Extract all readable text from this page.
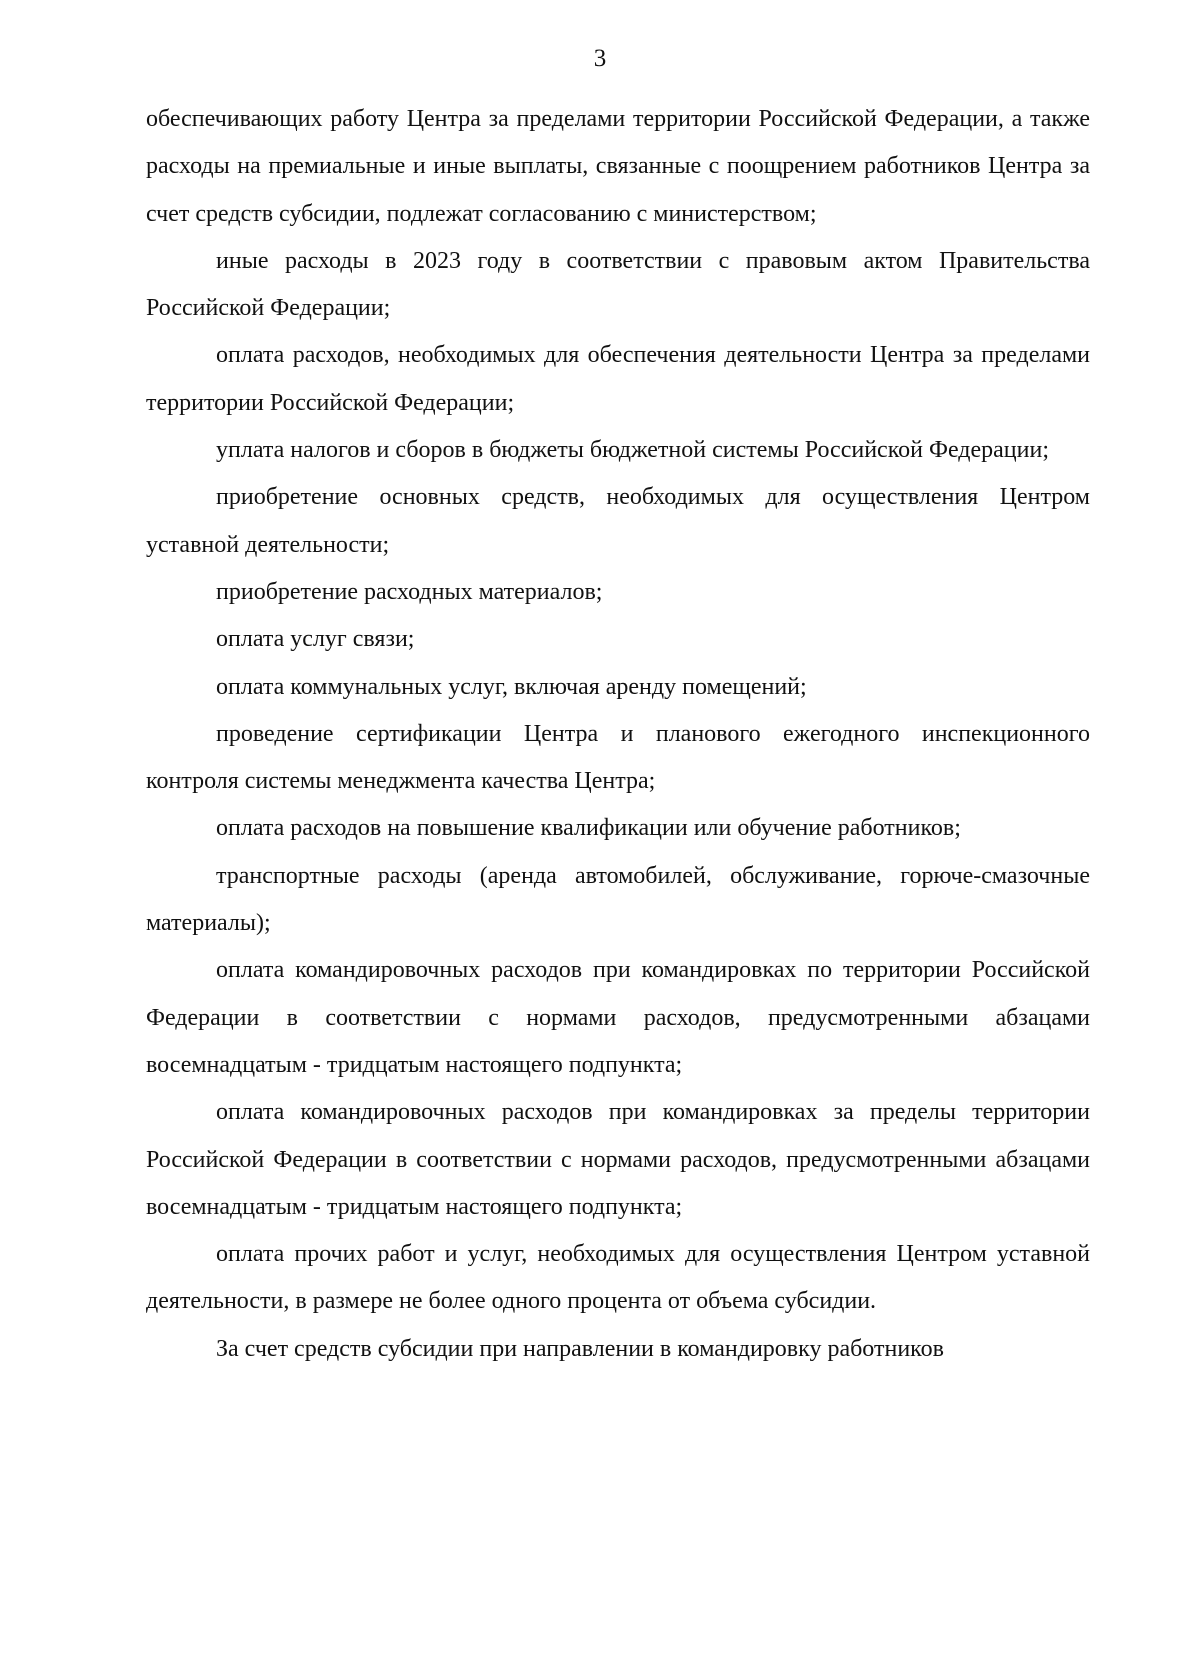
3

обеспечивающих работу Центра за пределами территории Российской Федерации, а также расходы на премиальные и иные выплаты, связанные с поощрением работников Центра за счет средств субсидии, подлежат согласованию с министерством;

иные расходы в 2023 году в соответствии с правовым актом Правительства Российской Федерации;

оплата расходов, необходимых для обеспечения деятельности Центра за пределами территории Российской Федерации;

уплата налогов и сборов в бюджеты бюджетной системы Российской Федерации;

приобретение основных средств, необходимых для осуществления Центром уставной деятельности;

приобретение расходных материалов;

оплата услуг связи;

оплата коммунальных услуг, включая аренду помещений;

проведение сертификации Центра и планового ежегодного инспекционного контроля системы менеджмента качества Центра;

оплата расходов на повышение квалификации или обучение работников;

транспортные расходы (аренда автомобилей, обслуживание, горюче-смазочные материалы);

оплата командировочных расходов при командировках по территории Российской Федерации в соответствии с нормами расходов, предусмотренными абзацами восемнадцатым - тридцатым настоящего подпункта;

оплата командировочных расходов при командировках за пределы территории Российской Федерации в соответствии с нормами расходов, предусмотренными абзацами восемнадцатым - тридцатым настоящего подпункта;

оплата прочих работ и услуг, необходимых для осуществления Центром уставной деятельности, в размере не более одного процента от объема субсидии.

За счет средств субсидии при направлении в командировку работников
